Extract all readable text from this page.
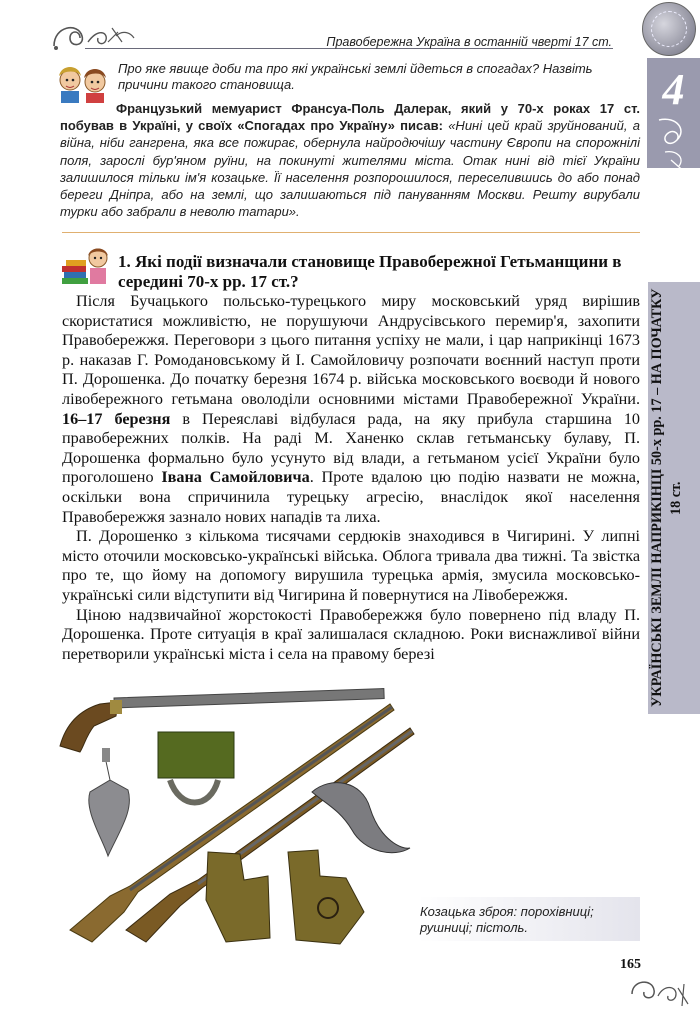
Правобережна Україна в останній чверті 17 ст.
4
УКРАЇНСЬКІ ЗЕМЛІ НАПРИКІНЦІ 50-х рр. 17 – НА ПОЧАТКУ 18 ст.
Про яке явище доби та про які українські землі йдеться в спогадах? Назвіть причини такого становища.
Французький мемуарист Франсуа-Поль Далерак, який у 70-х роках 17 ст. побував в Україні, у своїх «Спогадах про Україну» писав: «Нині цей край зруйнований, а війна, ніби гангрена, яка все пожирає, обернула найродючішу частину Європи на спорожнілі поля, зарослі бур'яном руїни, на покинуті жителями міста. Отак нині від тієї України залишилося тільки ім'я козацьке. Її населення розпорошилося, переселившись до або понад береги Дніпра, або на землі, що залишаються під пануванням Москви. Решту вирубали турки або забрали в неволю татари».
1. Які події визначали становище Правобережної Гетьманщини в середині 70-х рр. 17 ст.?

Після Бучацького польсько-турецького миру московський уряд вирішив скористатися можливістю, не порушуючи Андрусівського перемир'я, захопити Правобережжя. Переговори з цього питання успіху не мали, і цар наприкінці 1673 р. наказав Г. Ромодановському й І. Самойловичу розпочати воєнний наступ проти П. Дорошенка. До початку березня 1674 р. війська московського воєводи й нового лівобережного гетьмана оволоділи основними містами Правобережної України. 16–17 березня в Переяславі відбулася рада, на яку прибула старшина 10 правобережних полків. На раді М. Ханенко склав гетьманську булаву, П. Дорошенка формально було усунуто від влади, а гетьманом усієї України було проголошено Івана Самойловича. Проте вдалою цю подію назвати не можна, оскільки вона спричинила турецьку агресію, внаслідок якої населення Правобережжя зазнало нових нападів та лиха.

П. Дорошенко з кількома тисячами сердюків знаходився в Чигирині. У липні місто оточили московсько-українські війська. Облога тривала два тижні. Та звістка про те, що йому на допомогу вирушила турецька армія, змусила московсько-українські сили відступити від Чигирина й повернутися на Лівобережжя.

Ціною надзвичайної жорстокості Правобережжя було повернено під владу П. Дорошенка. Проте ситуація в краї залишалася складною. Роки виснажливої війни перетворили українські міста і села на правому березі

Козацька зброя: порохівниці; рушниці; пістоль.
165
